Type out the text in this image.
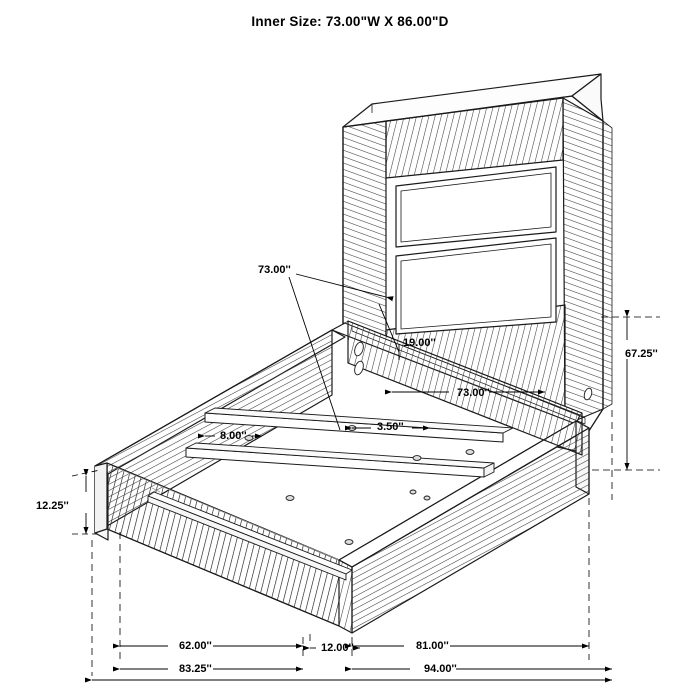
Inner Size: 73.00"W X 86.00"D
73.00''
19.00''
67.25''
73.00''
3.50''
8.00''
12.25''
62.00''	12.00''	81.00''
83.25''	94.00''
